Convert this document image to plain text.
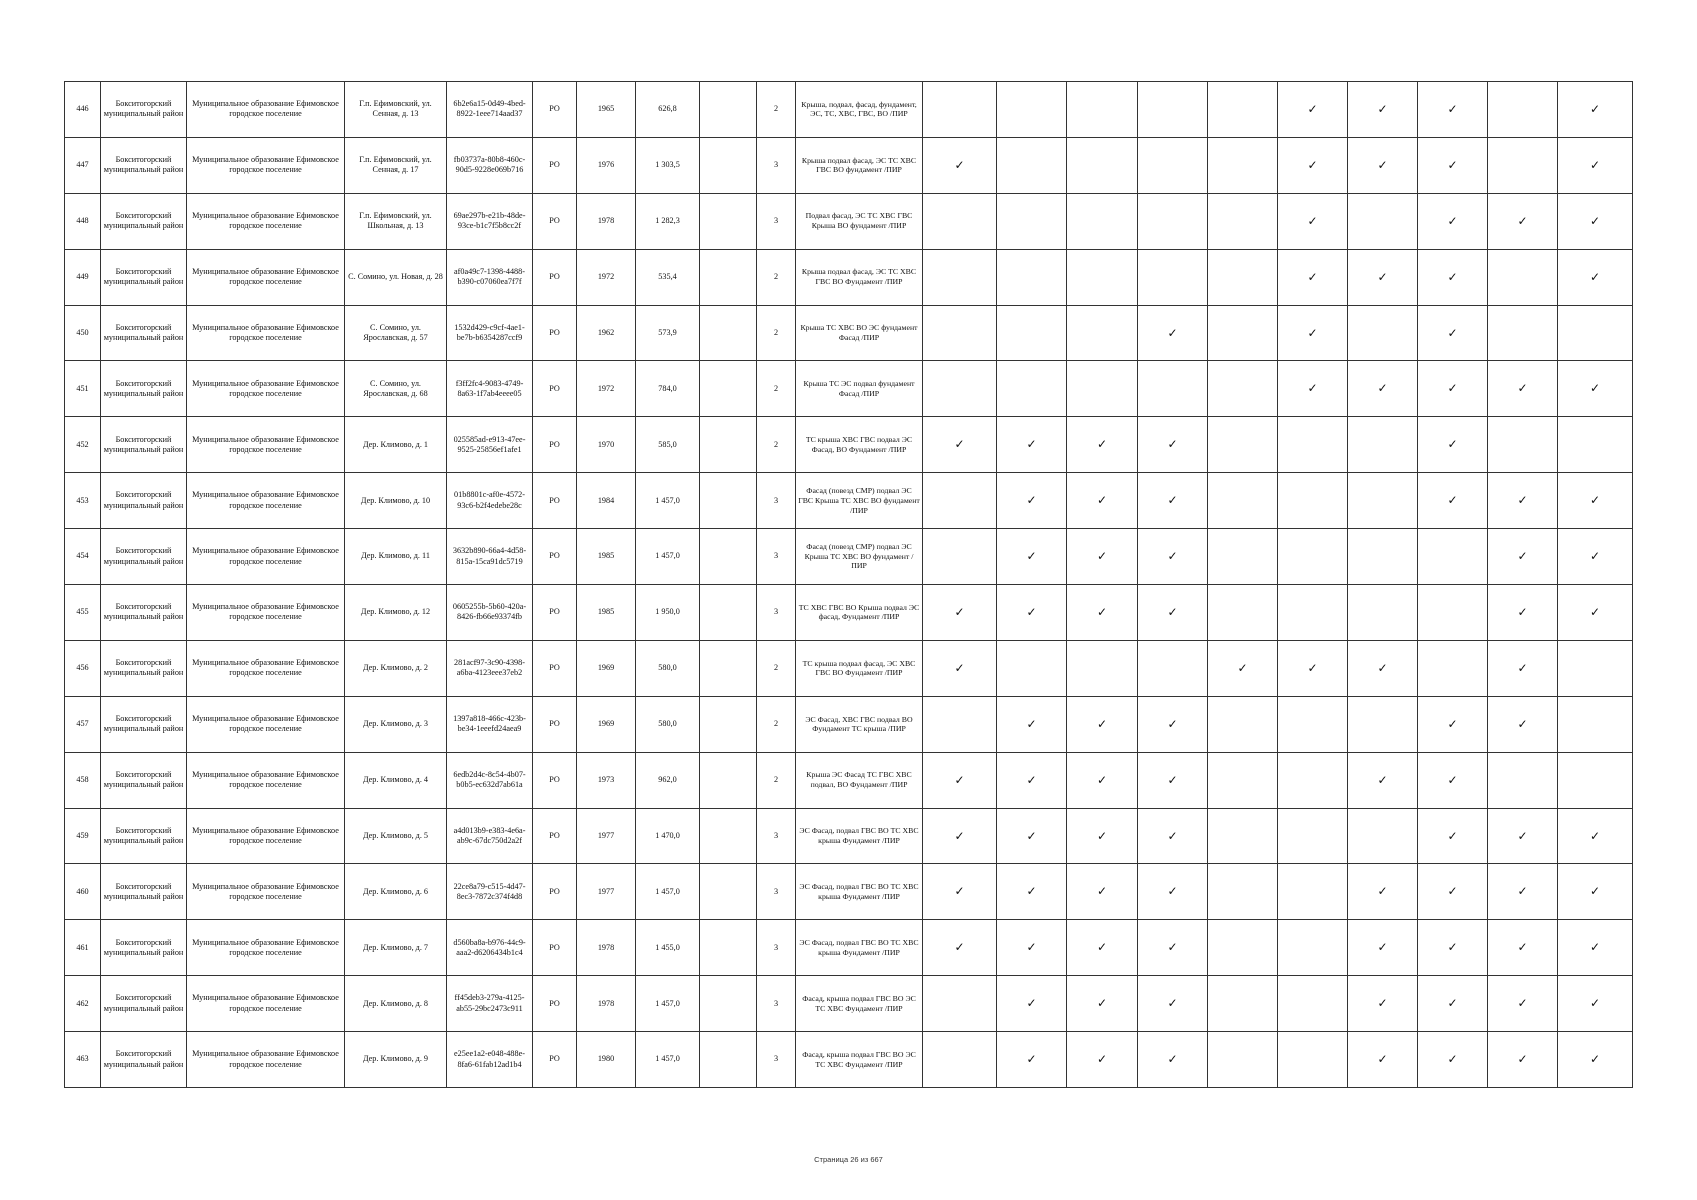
446	Бокситогорский муниципальный район	Муниципальное образование Ефимовское городское поселение	Г.п. Ефимовский, ул. Сенная, д. 13	6b2e6a15-0d49-4bed-8922-1eee714aad37	РО	1965	626,8		2	Крыша, подвал, фасад, фундамент, ЭС, ТС, ХВС, ГВС, ВО /ПИР						✓	✓	✓		✓
447	Бокситогорский муниципальный район	Муниципальное образование Ефимовское городское поселение	Г.п. Ефимовский, ул. Сенная, д. 17	fb03737a-80b8-460c-90d5-9228e069b716	РО	1976	1 303,5		3	Крыша подвал фасад, ЭС ТС ХВС ГВС ВО фундамент /ПИР	✓					✓	✓	✓		✓
448	Бокситогорский муниципальный район	Муниципальное образование Ефимовское городское поселение	Г.п. Ефимовский, ул. Школьная, д. 13	69ae297b-e21b-48de-93ce-b1c7f5b8cc2f	РО	1978	1 282,3		3	Подвал фасад, ЭС ТС ХВС ГВС Крыша ВО фундамент /ПИР						✓		✓	✓	✓
449	Бокситогорский муниципальный район	Муниципальное образование Ефимовское городское поселение	С. Сомино, ул. Новая, д. 28	af0a49c7-1398-4488-b390-c07060ea7f7f	РО	1972	535,4		2	Крыша подвал фасад, ЭС ТС ХВС ГВС ВО Фундамент /ПИР						✓	✓	✓		✓
450	Бокситогорский муниципальный район	Муниципальное образование Ефимовское городское поселение	С. Сомино, ул. Ярославская, д. 57	1532d429-c9cf-4ae1-be7b-b6354287ccf9	РО	1962	573,9		2	Крыша ТС ХВС ВО ЭС фундамент Фасад /ПИР				✓		✓		✓		
451	Бокситогорский муниципальный район	Муниципальное образование Ефимовское городское поселение	С. Сомино, ул. Ярославская, д. 68	f3ff2fc4-9083-4749-8a63-1f7ab4eeee05	РО	1972	784,0		2	Крыша ТС ЭС подвал фундамент Фасад /ПИР						✓	✓	✓	✓	✓
452	Бокситогорский муниципальный район	Муниципальное образование Ефимовское городское поселение	Дер. Климово, д. 1	025585ad-e913-47ee-9525-25856ef1afe1	РО	1970	585,0		2	ТС крыша ХВС ГВС подвал ЭС Фасад, ВО Фундамент /ПИР	✓	✓	✓	✓				✓		
453	Бокситогорский муниципальный район	Муниципальное образование Ефимовское городское поселение	Дер. Климово, д. 10	01b8801c-af0e-4572-93c6-b2f4edebe28c	РО	1984	1 457,0		3	Фасад (повезд СМР) подвал ЭС ГВС Крыша ТС ХВС ВО фундамент /ПИР		✓	✓	✓				✓	✓	✓
454	Бокситогорский муниципальный район	Муниципальное образование Ефимовское городское поселение	Дер. Климово, д. 11	3632b890-66a4-4d58-815a-15ca91dc5719	РО	1985	1 457,0		3	Фасад (повезд СМР) подвал ЭС Крыша ТС ХВС ВО фундамент /ПИР		✓	✓	✓					✓	✓
455	Бокситогорский муниципальный район	Муниципальное образование Ефимовское городское поселение	Дер. Климово, д. 12	0605255b-5b60-420a-8426-fb66e93374fb	РО	1985	1 950,0		3	ТС ХВС ГВС ВО Крыша подвал ЭС фасад, Фундамент /ПИР	✓	✓	✓	✓					✓	✓
456	Бокситогорский муниципальный район	Муниципальное образование Ефимовское городское поселение	Дер. Климово, д. 2	281acf97-3c90-4398-a6ba-4123eee37eb2	РО	1969	580,0		2	ТС крыша подвал фасад, ЭС ХВС ГВС ВО Фундамент /ПИР	✓				✓	✓	✓		✓	
457	Бокситогорский муниципальный район	Муниципальное образование Ефимовское городское поселение	Дер. Климово, д. 3	1397a818-466c-423b-be34-1eeefd24aea9	РО	1969	580,0		2	ЭС Фасад, ХВС ГВС подвал ВО Фундамент ТС крыша /ПИР		✓	✓	✓				✓	✓	
458	Бокситогорский муниципальный район	Муниципальное образование Ефимовское городское поселение	Дер. Климово, д. 4	6edb2d4c-8c54-4b07-b0b5-ec632d7ab61a	РО	1973	962,0		2	Крыша ЭС Фасад ТС ГВС ХВС подвал, ВО Фундамент /ПИР	✓	✓	✓	✓			✓	✓		
459	Бокситогорский муниципальный район	Муниципальное образование Ефимовское городское поселение	Дер. Климово, д. 5	a4d013b9-e383-4e6a-ab9c-67dc750d2a2f	РО	1977	1 470,0		3	ЭС Фасад, подвал ГВС ВО ТС ХВС крыша Фундамент /ПИР	✓	✓	✓	✓				✓	✓	✓
460	Бокситогорский муниципальный район	Муниципальное образование Ефимовское городское поселение	Дер. Климово, д. 6	22ce8a79-c515-4d47-8ec3-7872c374f4d8	РО	1977	1 457,0		3	ЭС Фасад, подвал ГВС ВО ТС ХВС крыша Фундамент /ПИР	✓	✓	✓	✓			✓	✓	✓	✓
461	Бокситогорский муниципальный район	Муниципальное образование Ефимовское городское поселение	Дер. Климово, д. 7	d560ba8a-b976-44c9-aaa2-d6206434b1c4	РО	1978	1 455,0		3	ЭС Фасад, подвал ГВС ВО ТС ХВС крыша Фундамент /ПИР	✓	✓	✓	✓			✓	✓	✓	✓
462	Бокситогорский муниципальный район	Муниципальное образование Ефимовское городское поселение	Дер. Климово, д. 8	ff45deb3-279a-4125-ab55-29bc2473c911	РО	1978	1 457,0		3	Фасад, крыша подвал ГВС ВО ЭС ТС ХВС Фундамент /ПИР		✓	✓	✓			✓	✓	✓	✓
463	Бокситогорский муниципальный район	Муниципальное образование Ефимовское городское поселение	Дер. Климово, д. 9	e25ee1a2-e048-488e-8fa6-61fab12ad1b4	РО	1980	1 457,0		3	Фасад, крыша подвал ГВС ВО ЭС ТС ХВС Фундамент /ПИР		✓	✓	✓			✓	✓	✓	✓
Страница 26 из 667
